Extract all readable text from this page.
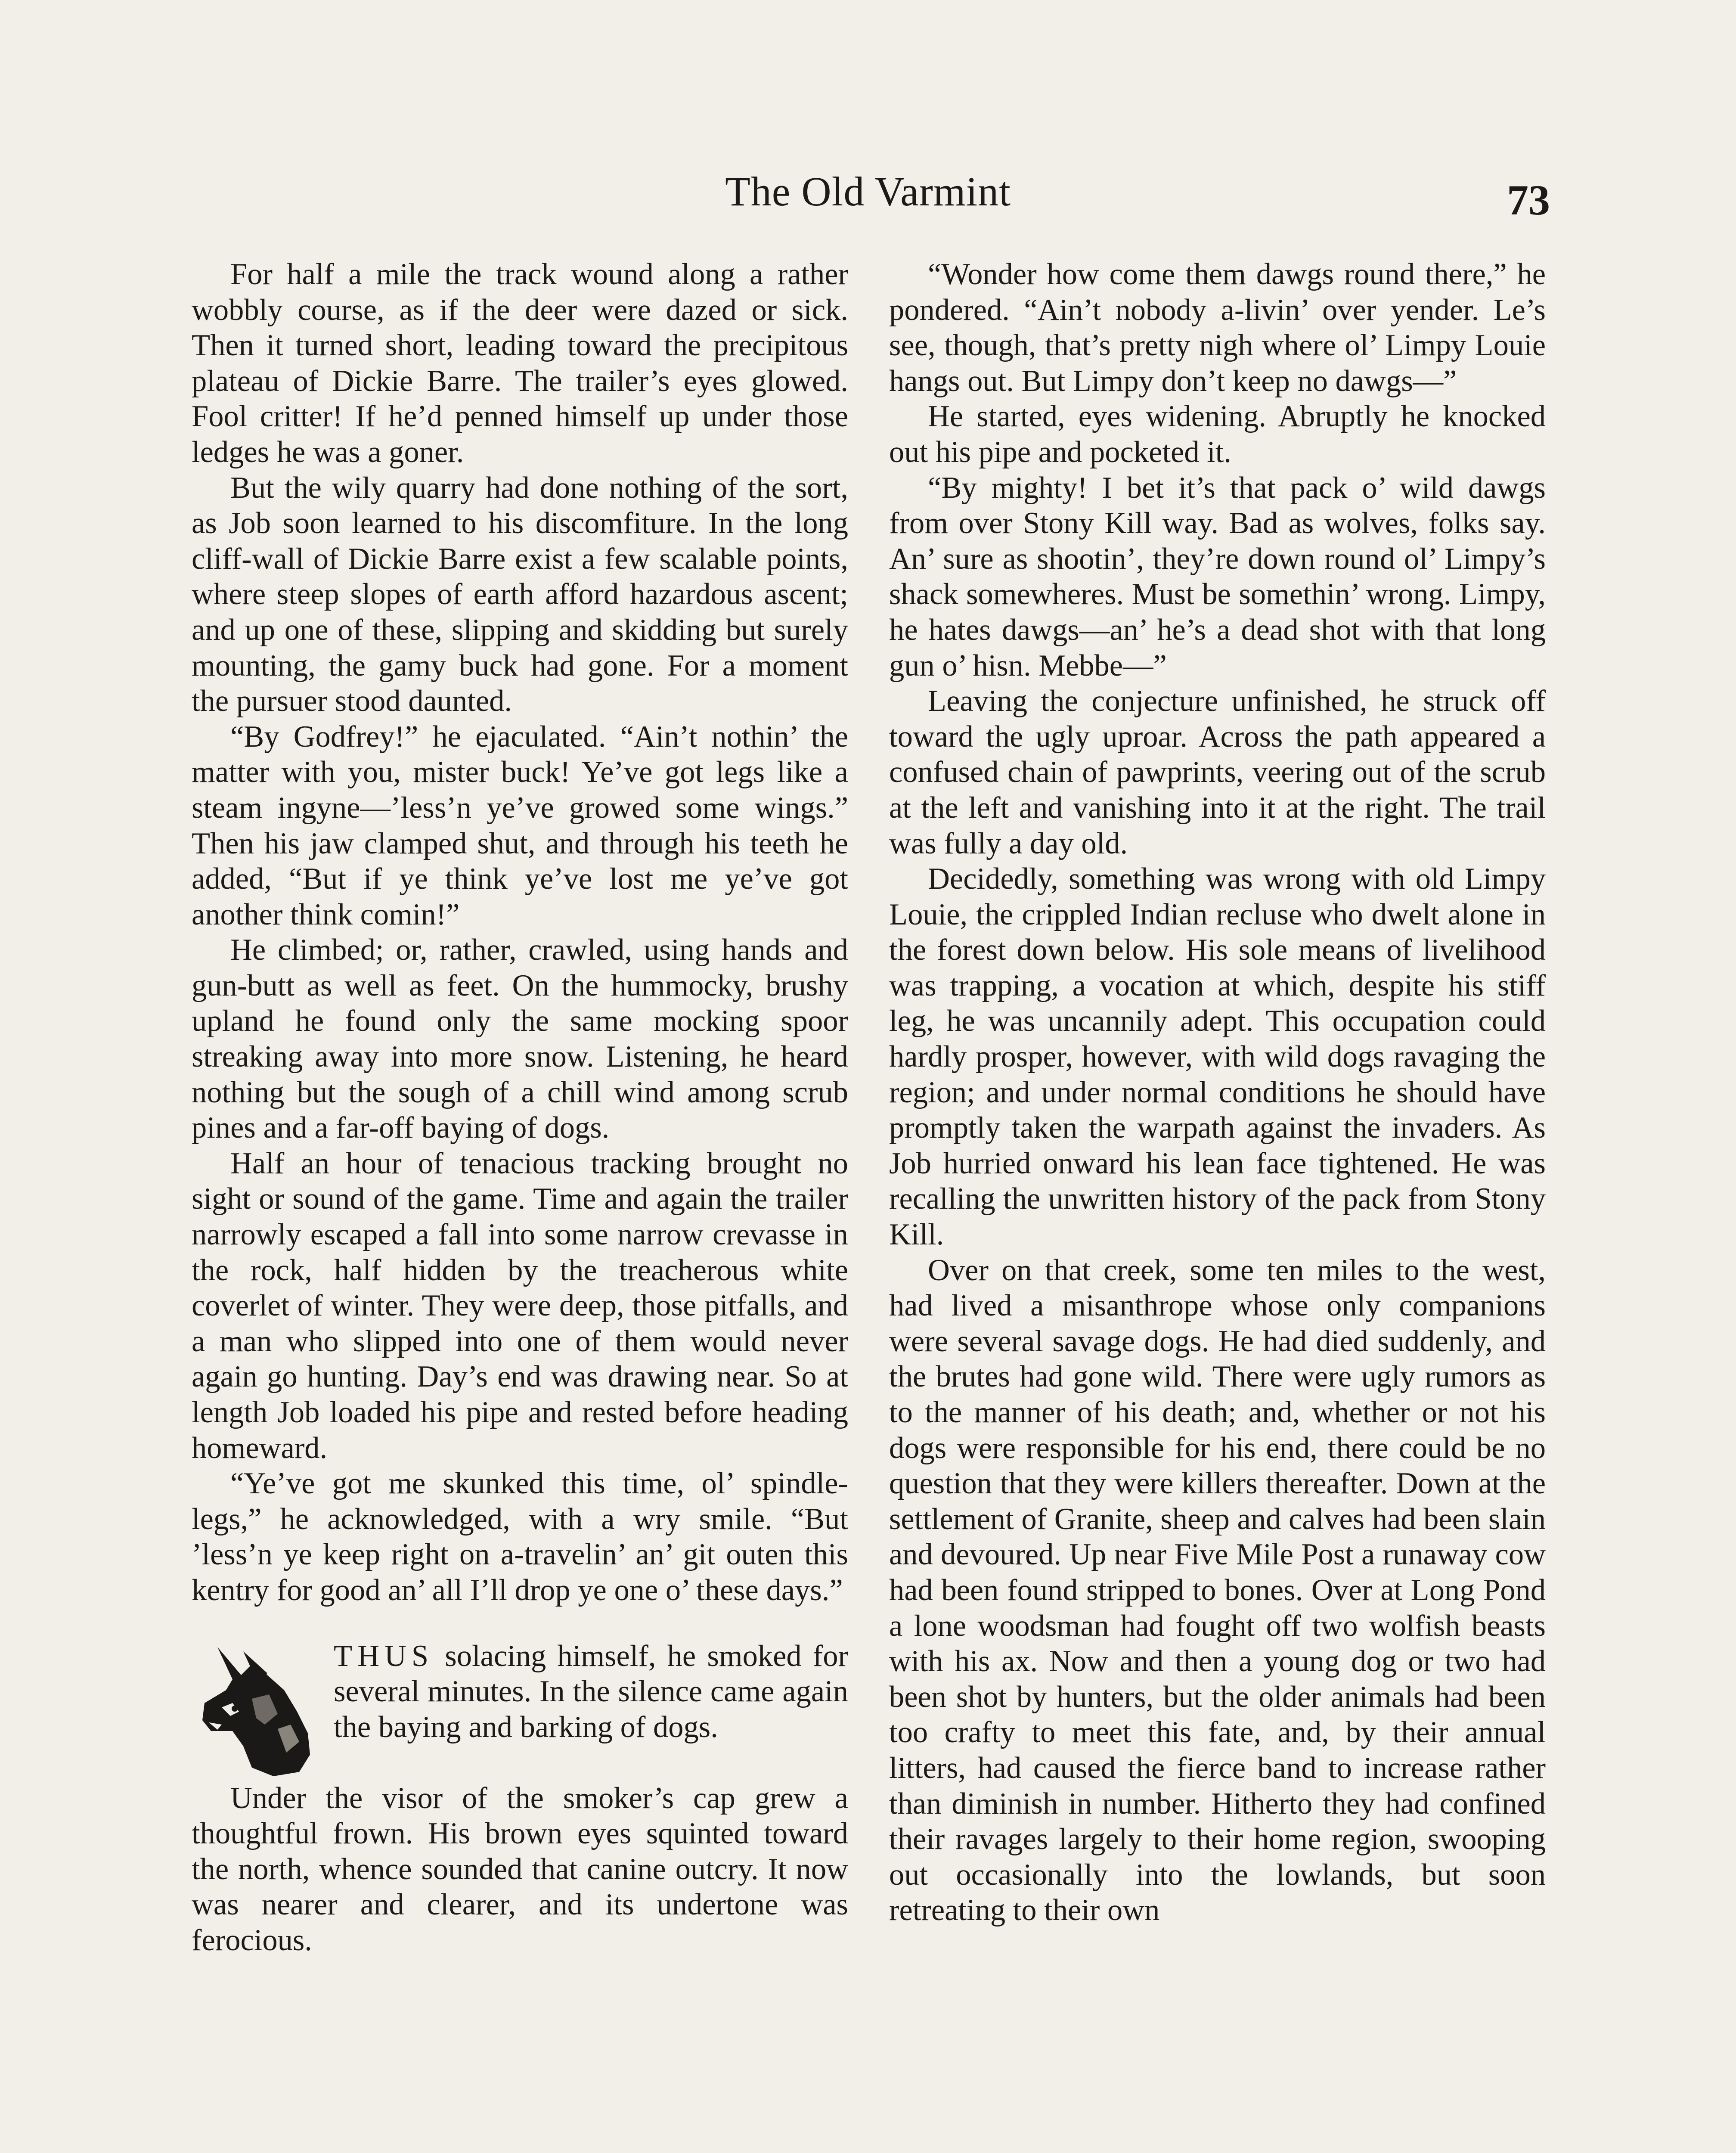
The Old Varmint	73

For half a mile the track wound along a rather wobbly course, as if the deer were dazed or sick. Then it turned short, leading toward the precipitous plateau of Dickie Barre. The trailer’s eyes glowed. Fool critter! If he’d penned himself up under those ledges he was a goner.

But the wily quarry had done nothing of the sort, as Job soon learned to his discomfiture. In the long cliff-wall of Dickie Barre exist a few scalable points, where steep slopes of earth afford hazardous ascent; and up one of these, slipping and skidding but surely mounting, the gamy buck had gone. For a moment the pursuer stood daunted.

“By Godfrey!” he ejaculated. “Ain’t nothin’ the matter with you, mister buck! Ye’ve got legs like a steam ingyne—’less’n ye’ve growed some wings.” Then his jaw clamped shut, and through his teeth he added, “But if ye think ye’ve lost me ye’ve got another think comin!”

He climbed; or, rather, crawled, using hands and gun-butt as well as feet. On the hummocky, brushy upland he found only the same mocking spoor streaking away into more snow. Listening, he heard nothing but the sough of a chill wind among scrub pines and a far-off baying of dogs.

Half an hour of tenacious tracking brought no sight or sound of the game. Time and again the trailer narrowly escaped a fall into some narrow crevasse in the rock, half hidden by the treacherous white coverlet of winter. They were deep, those pitfalls, and a man who slipped into one of them would never again go hunting. Day’s end was drawing near. So at length Job loaded his pipe and rested before heading homeward.

“Ye’ve got me skunked this time, ol’ spindle-legs,” he acknowledged, with a wry smile. “But ’less’n ye keep right on a-travelin’ an’ git outen this kentry for good an’ all I’ll drop ye one o’ these days.”

THUS solacing himself, he smoked for several minutes. In the silence came again the baying and barking of dogs.

Under the visor of the smoker’s cap grew a thoughtful frown. His brown eyes squinted toward the north, whence sounded that canine outcry. It now was nearer and clearer, and its undertone was ferocious.

“Wonder how come them dawgs round there,” he pondered. “Ain’t nobody a-livin’ over yender. Le’s see, though, that’s pretty nigh where ol’ Limpy Louie hangs out. But Limpy don’t keep no dawgs—”

He started, eyes widening. Abruptly he knocked out his pipe and pocketed it.

“By mighty! I bet it’s that pack o’ wild dawgs from over Stony Kill way. Bad as wolves, folks say. An’ sure as shootin’, they’re down round ol’ Limpy’s shack somewheres. Must be somethin’ wrong. Limpy, he hates dawgs—an’ he’s a dead shot with that long gun o’ hisn. Mebbe—”

Leaving the conjecture unfinished, he struck off toward the ugly uproar. Across the path appeared a confused chain of pawprints, veering out of the scrub at the left and vanishing into it at the right. The trail was fully a day old.

Decidedly, something was wrong with old Limpy Louie, the crippled Indian recluse who dwelt alone in the forest down below. His sole means of livelihood was trapping, a vocation at which, despite his stiff leg, he was uncannily adept. This occupation could hardly prosper, however, with wild dogs ravaging the region; and under normal conditions he should have promptly taken the warpath against the invaders. As Job hurried onward his lean face tightened. He was recalling the unwritten history of the pack from Stony Kill.

Over on that creek, some ten miles to the west, had lived a misanthrope whose only companions were several savage dogs. He had died suddenly, and the brutes had gone wild. There were ugly rumors as to the manner of his death; and, whether or not his dogs were responsible for his end, there could be no question that they were killers thereafter. Down at the settlement of Granite, sheep and calves had been slain and devoured. Up near Five Mile Post a runaway cow had been found stripped to bones. Over at Long Pond a lone woodsman had fought off two wolfish beasts with his ax. Now and then a young dog or two had been shot by hunters, but the older animals had been too crafty to meet this fate, and, by their annual litters, had caused the fierce band to increase rather than diminish in number. Hitherto they had confined their ravages largely to their home region, swooping out occasionally into the lowlands, but soon retreating to their own
